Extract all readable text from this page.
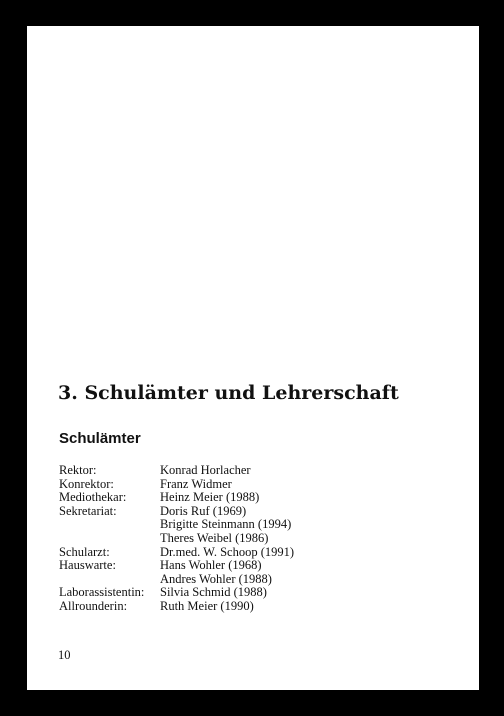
3. Schulämter und Lehrerschaft
Schulämter
Rektor:	Konrad Horlacher
Konrektor:	Franz Widmer
Mediothekar:	Heinz Meier (1988)
Sekretariat:	Doris Ruf (1969)
Brigitte Steinmann (1994)
Theres Weibel (1986)
Schularzt:	Dr.med. W. Schoop (1991)
Hauswarte:	Hans Wohler (1968)
Andres Wohler (1988)
Laborassistentin: Silvia Schmid (1988)
Allrounderin:	Ruth Meier (1990)
10
